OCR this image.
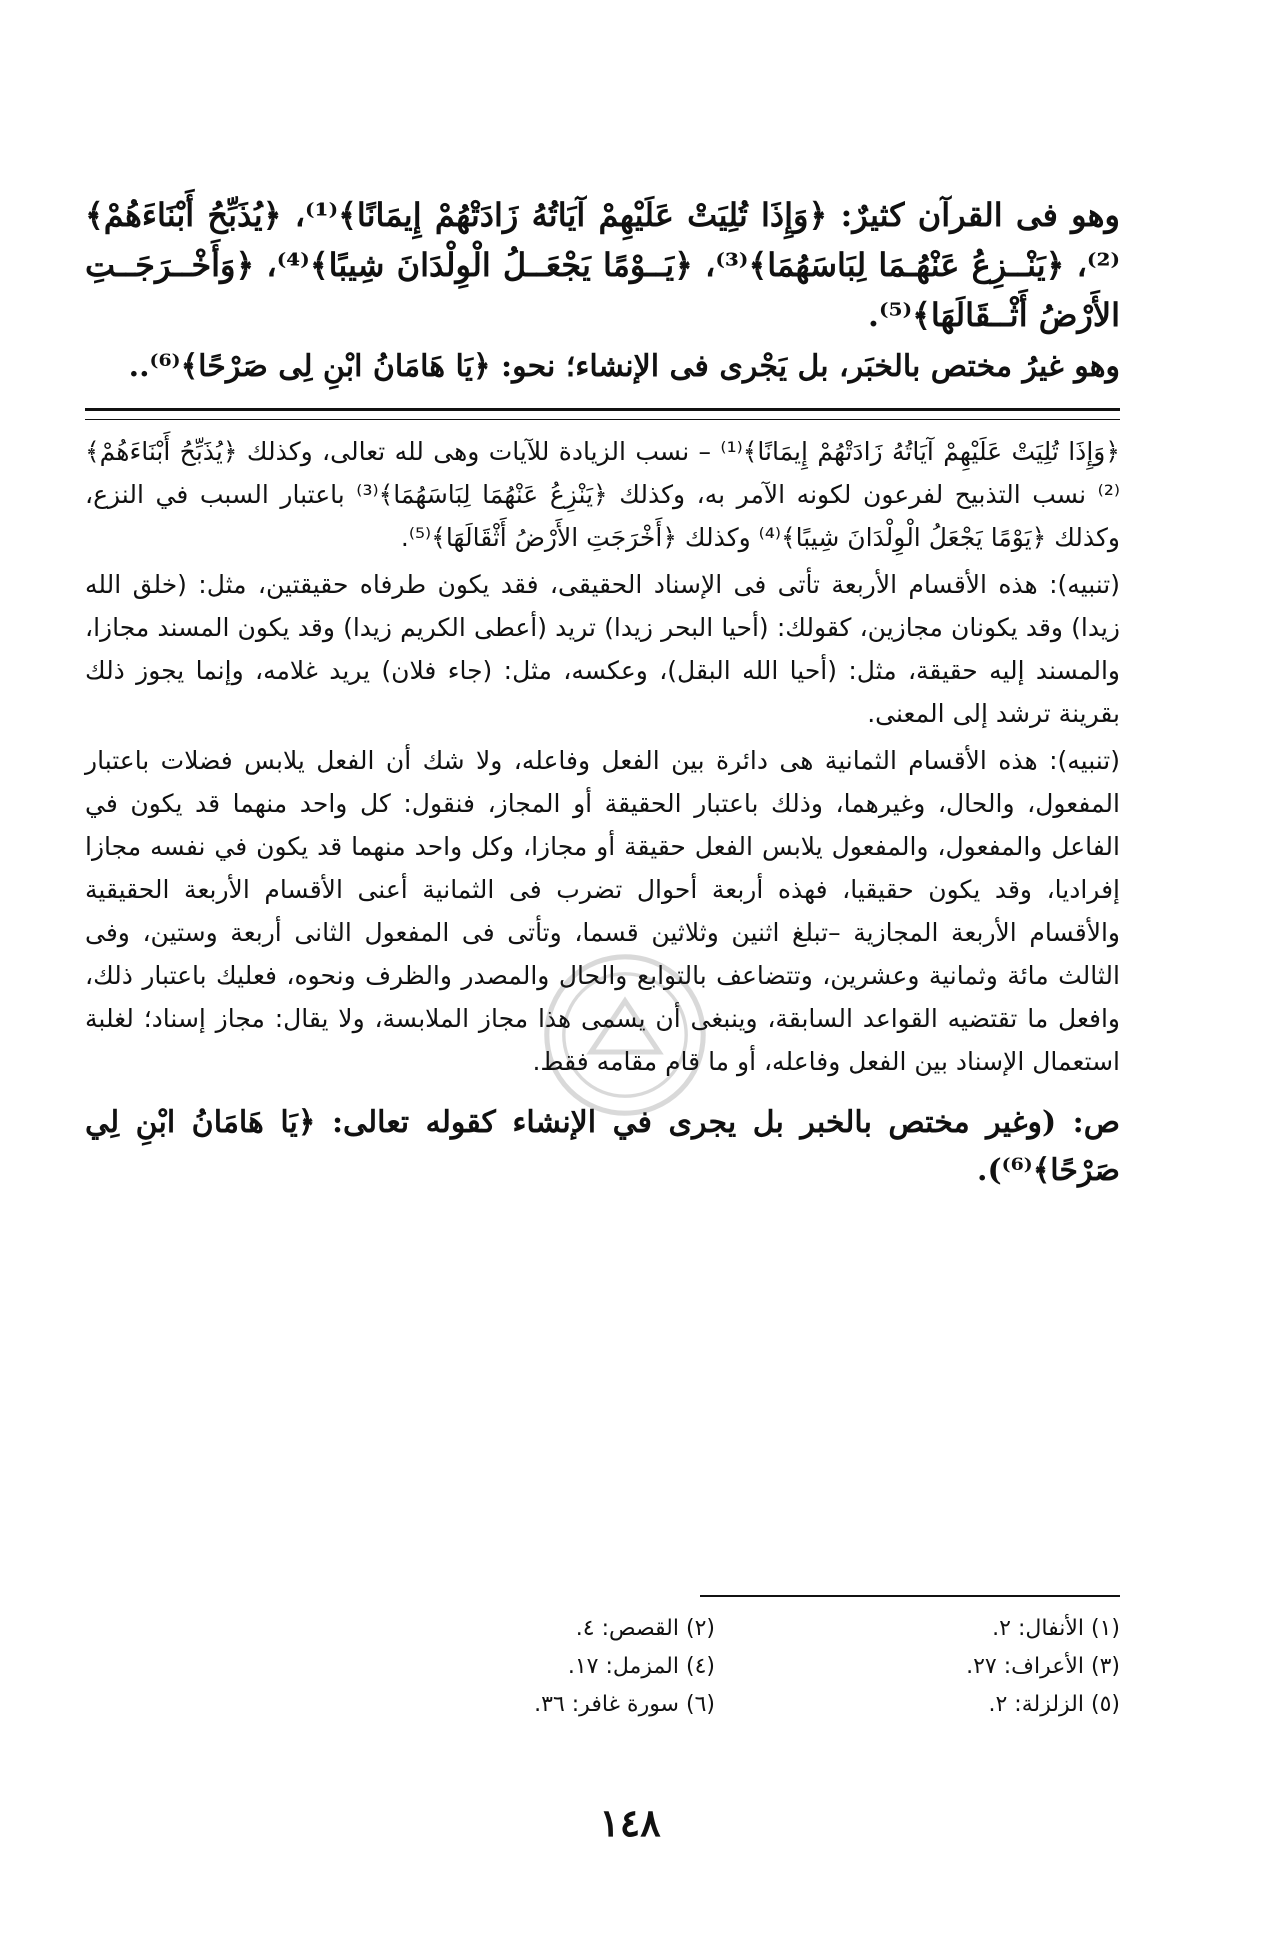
وهو فى القرآن كثيرٌ: ﴿وَإِذَا تُلِيَتْ عَلَيْهِمْ آيَاتُهُ زَادَتْهُمْ إِيمَانًا﴾⁽¹⁾، ﴿يُذَبِّحُ أَبْنَاءَهُمْ﴾⁽²⁾، ﴿يَنْــزِعُ عَنْهُـمَا لِبَاسَهُمَا﴾⁽³⁾، ﴿يَــوْمًا يَجْعَــلُ الْوِلْدَانَ شِيبًا﴾⁽⁴⁾، ﴿وَأَخْــرَجَــتِ الأَرْضُ أَثْــقَالَهَا﴾⁽⁵⁾.

وهو غيرُ مختص بالخبَر، بل يَجْرى فى الإنشاء؛ نحو: ﴿يَا هَامَانُ ابْنِ لِى صَرْحًا﴾⁽⁶⁾..

﴿وَإِذَا تُلِيَتْ عَلَيْهِمْ آيَاتُهُ زَادَتْهُمْ إِيمَانًا﴾⁽¹⁾ – نسب الزيادة للآيات وهى لله تعالى، وكذلك ﴿يُذَبِّحُ أَبْنَاءَهُمْ﴾⁽²⁾ نسب التذبيح لفرعون لكونه الآمر به، وكذلك ﴿يَنْزِعُ عَنْهُمَا لِبَاسَهُمَا﴾⁽³⁾ باعتبار السبب في النزع، وكذلك ﴿يَوْمًا يَجْعَلُ الْوِلْدَانَ شِيبًا﴾⁽⁴⁾ وكذلك ﴿أَخْرَجَتِ الأَرْضُ أَثْقَالَهَا﴾⁽⁵⁾.

(تنبيه): هذه الأقسام الأربعة تأتى فى الإسناد الحقيقى، فقد يكون طرفاه حقيقتين، مثل: (خلق الله زيدا) وقد يكونان مجازين، كقولك: (أحيا البحر زيدا) تريد (أعطى الكريم زيدا) وقد يكون المسند مجازا، والمسند إليه حقيقة، مثل: (أحيا الله البقل)، وعكسه، مثل: (جاء فلان) يريد غلامه، وإنما يجوز ذلك بقرينة ترشد إلى المعنى.

(تنبيه): هذه الأقسام الثمانية هى دائرة بين الفعل وفاعله، ولا شك أن الفعل يلابس فضلات باعتبار المفعول، والحال، وغيرهما، وذلك باعتبار الحقيقة أو المجاز، فنقول: كل واحد منهما قد يكون في الفاعل والمفعول، والمفعول يلابس الفعل حقيقة أو مجازا، وكل واحد منهما قد يكون في نفسه مجازا إفراديا، وقد يكون حقيقيا، فهذه أربعة أحوال تضرب فى الثمانية أعنى الأقسام الأربعة الحقيقية والأقسام الأربعة المجازية –تبلغ اثنين وثلاثين قسما، وتأتى فى المفعول الثانى أربعة وستين، وفى الثالث مائة وثمانية وعشرين، وتتضاعف بالتوابع والحال والمصدر والظرف ونحوه، فعليك باعتبار ذلك، وافعل ما تقتضيه القواعد السابقة، وينبغى أن يسمى هذا مجاز الملابسة، ولا يقال: مجاز إسناد؛ لغلبة استعمال الإسناد بين الفعل وفاعله، أو ما قام مقامه فقط.

ص: (وغير مختص بالخبر بل يجرى في الإنشاء كقوله تعالى: ﴿يَا هَامَانُ ابْنِ لِي صَرْحًا﴾⁽⁶⁾).

(١) الأنفال: ٢.
(٢) القصص: ٤.
(٣) الأعراف: ٢٧.
(٤) المزمل: ١٧.
(٥) الزلزلة: ٢.
(٦) سورة غافر: ٣٦.
١٤٨
